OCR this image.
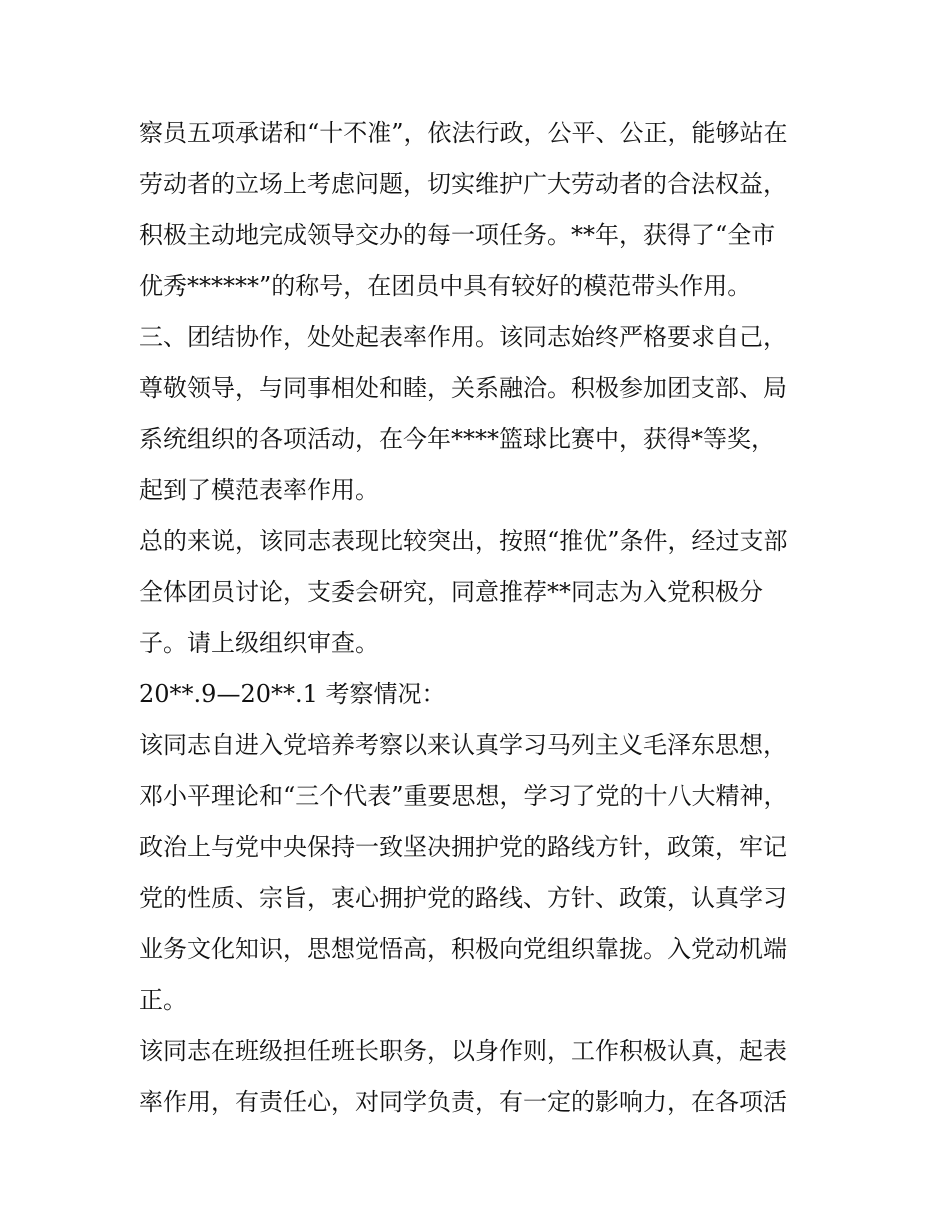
察员五项承诺和“十不准”，依法行政，公平、公正，能够站在
劳动者的立场上考虑问题，切实维护广大劳动者的合法权益，
积极主动地完成领导交办的每一项任务。**年，获得了“全市
优秀******”的称号，在团员中具有较好的模范带头作用。
三、团结协作，处处起表率作用。该同志始终严格要求自己，
尊敬领导，与同事相处和睦，关系融洽。积极参加团支部、局
系统组织的各项活动，在今年****篮球比赛中，获得*等奖，
起到了模范表率作用。
总的来说，该同志表现比较突出，按照“推优”条件，经过支部
全体团员讨论，支委会研究，同意推荐**同志为入党积极分
子。请上级组织审查。
20**.9—20**.1 考察情况：
该同志自进入党培养考察以来认真学习马列主义毛泽东思想，
邓小平理论和“三个代表”重要思想，学习了党的十八大精神，
政治上与党中央保持一致坚决拥护党的路线方针，政策，牢记
党的性质、宗旨，衷心拥护党的路线、方针、政策，认真学习
业务文化知识，思想觉悟高，积极向党组织靠拢。入党动机端
正。
该同志在班级担任班长职务，以身作则，工作积极认真，起表
率作用，有责任心，对同学负责，有一定的影响力，在各项活
